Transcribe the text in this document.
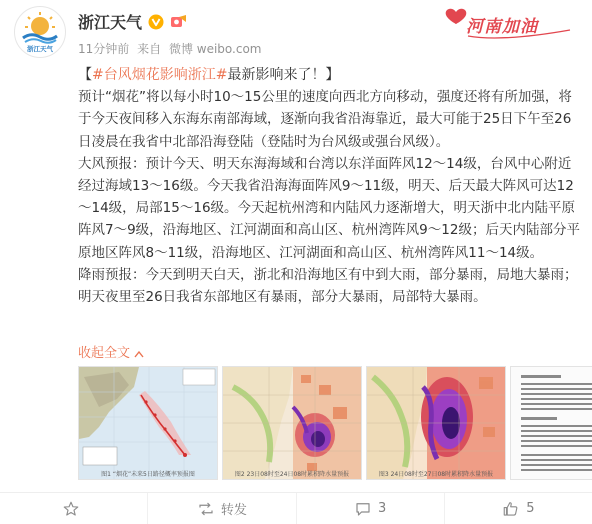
浙江天气
浙江天气
11分钟前 来自 微博 weibo.com
河南加油

【#台风烟花影响浙江#最新影响来了！】

预计“烟花”将以每小时10～15公里的速度向西北方向移动，强度还将有所加强，将于今天夜间移入东海东南部海域，逐渐向我省沿海靠近，最大可能于25日下午至26日凌晨在我省中北部沿海登陆（登陆时为台风级或强台风级）。

大风预报：预计今天、明天东海海域和台湾以东洋面阵风12～14级，台风中心附近经过海域13～16级。今天我省沿海海面阵风9～11级，明天、后天最大阵风可达12～14级，局部15～16级。今天起杭州湾和内陆风力逐渐增大，明天浙中北内陆平原阵风7～9级，沿海地区、江河湖面和高山区、杭州湾阵风9～12级；后天内陆部分平原地区阵风8～11级，沿海地区、江河湖面和高山区、杭州湾阵风11～14级。

降雨预报：今天到明天白天，浙北和沿海地区有中到大雨，部分暴雨，局地大暴雨；明天夜里至26日我省东部地区有暴雨，部分大暴雨，局部特大暴雨。

收起全文
图1 “烟花”未来5日路径概率预报图	图2 23日08时至24日08时累积降水量预报	图3 24日08时至27日08时累积降水量预报
转发	3	5
